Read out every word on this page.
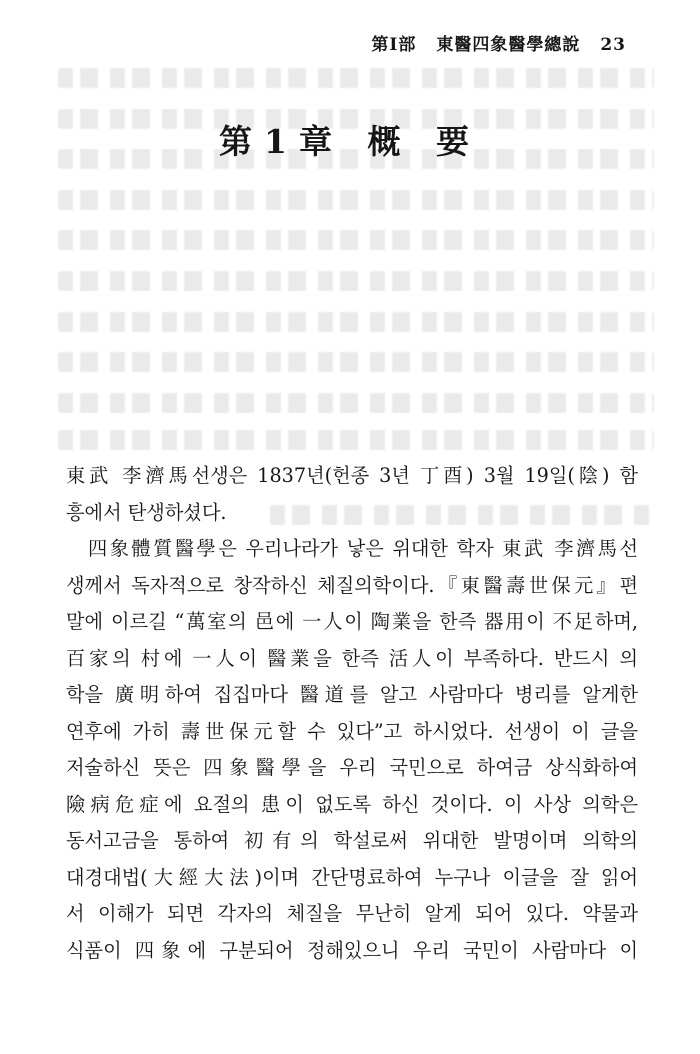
第Ⅰ部 東醫四象醫學總說 23
第1章 概 要
東武 李濟馬선생은 1837년(헌종 3년 丁酉) 3월 19일(陰) 함
흥에서 탄생하셨다.
四象體質醫學은 우리나라가 낳은 위대한 학자 東武 李濟馬선
생께서 독자적으로 창작하신 체질의학이다.『東醫壽世保元』편
말에 이르길 “萬室의 邑에 一人이 陶業을 한즉 器用이 不足하며,
百家의 村에 一人이 醫業을 한즉 活人이 부족하다. 반드시 의
학을 廣明하여 집집마다 醫道를 알고 사람마다 병리를 알게한
연후에 가히 壽世保元할 수 있다”고 하시었다. 선생이 이 글을
저술하신 뜻은 四象醫學을 우리 국민으로 하여금 상식화하여
險病危症에 요절의 患이 없도록 하신 것이다. 이 사상 의학은
동서고금을 통하여 初有의 학설로써 위대한 발명이며 의학의
대경대법(大經大法)이며 간단명료하여 누구나 이글을 잘 읽어
서 이해가 되면 각자의 체질을 무난히 알게 되어 있다. 약물과
식품이 四象에 구분되어 정해있으니 우리 국민이 사람마다 이
